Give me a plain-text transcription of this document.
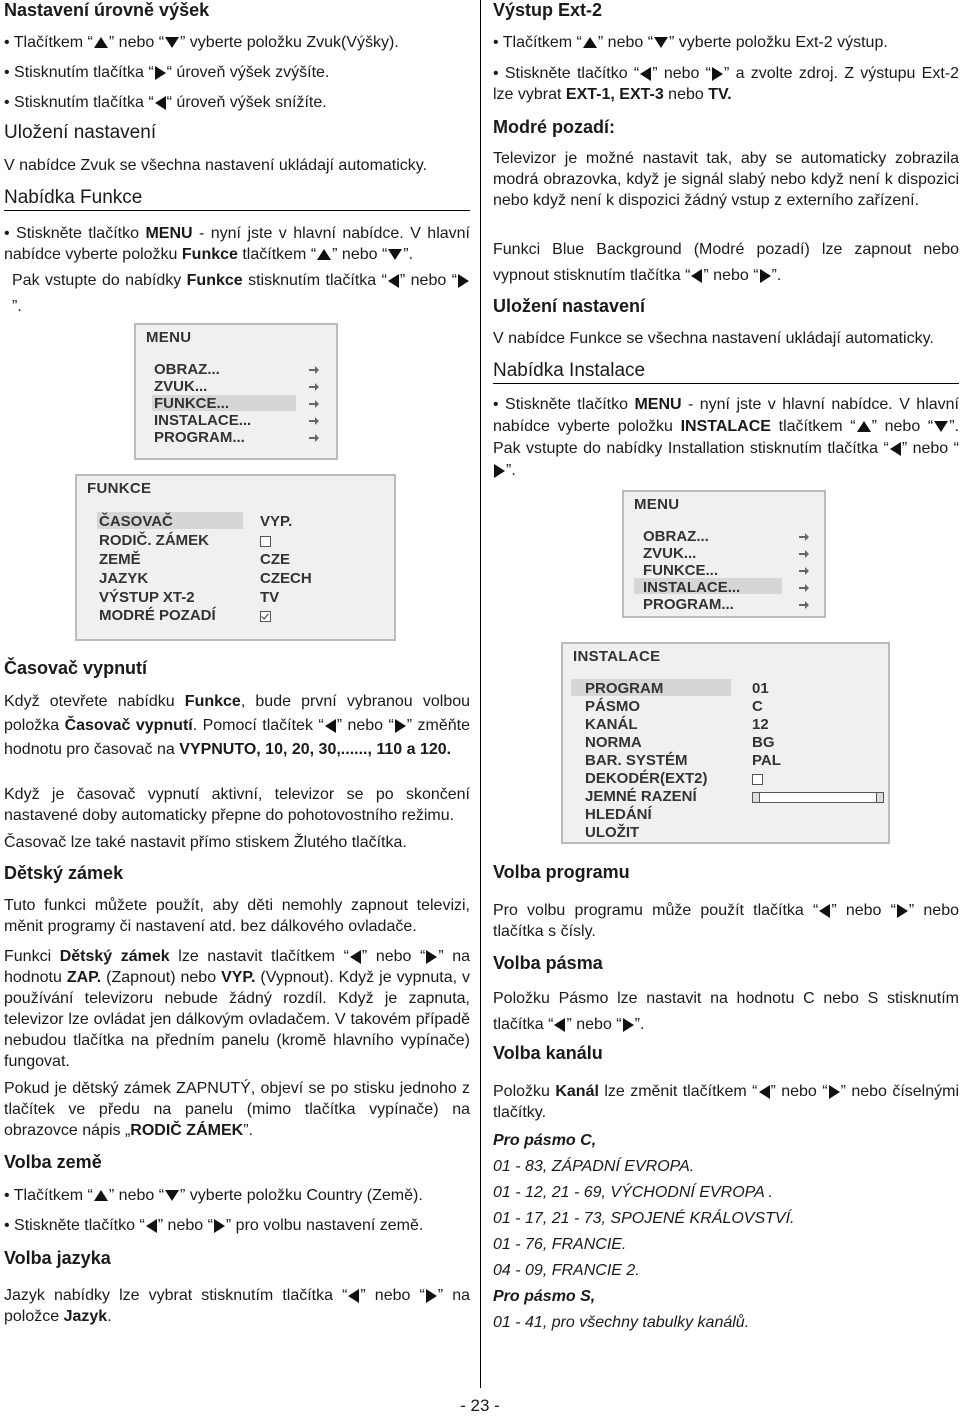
Nastavení úrovně výšek

• Tlačítkem “ ” nebo “ ” vyberte položku Zvuk(Výšky).

• Stisknutím tlačítka “ “ úroveň výšek zvýšíte.

• Stisknutím tlačítka “ “ úroveň výšek snížíte.

Uložení nastavení

V nabídce Zvuk se všechna nastavení ukládají automaticky.

Nabídka Funkce

• Stiskněte tlačítko MENU - nyní jste v hlavní nabídce. V hlavní nabídce vyberte položku Funkce tlačítkem “ ” nebo “ ”.

Pak vstupte do nabídky Funkce stisknutím tlačítka “ ” nebo “”.

Časovač vypnutí

Když otevřete nabídku Funkce, bude první vybranou volbou položka Časovač vypnutí. Pomocí tlačítek “ ” nebo “ ” změňte hodnotu pro časovač na VYPNUTO, 10, 20, 30,......, 110 a 120.

Když je časovač vypnutí aktivní, televizor se po skončení nastavené doby automaticky přepne do pohotovostního režimu.

Časovač lze také nastavit přímo stiskem Žlutého tlačítka.

Dětský zámek

Tuto funkci můžete použít, aby děti nemohly zapnout televizi, měnit programy či nastavení atd. bez dálkového ovladače.

Funkci Dětský zámek lze nastavit tlačítkem “ ” nebo “ ” na hodnotu ZAP. (Zapnout) nebo VYP. (Vypnout). Když je vypnuta, v používání televizoru nebude žádný rozdíl. Když je zapnuta, televizor lze ovládat jen dálkovým ovladačem. V takovém případě nebudou tlačítka na předním panelu (kromě hlavního vypínače) fungovat.

Pokud je dětský zámek ZAPNUTÝ, objeví se po stisku jednoho z tlačítek ve předu na panelu (mimo tlačítka vypínače) na obrazovce nápis „RODIČ ZÁMEK”.

Volba země

• Tlačítkem “ ” nebo “ ” vyberte položku Country (Země).

• Stiskněte tlačítko “ ” nebo “ ” pro volbu nastavení země.

Volba jazyka

Jazyk nabídky lze vybrat stisknutím tlačítka “ ” nebo “ ” na položce Jazyk.

MENU
OBRAZ...
ZVUK...
FUNKCE...
INSTALACE...
PROGRAM...
FUNKCE
ČASOVAČ
RODIČ. ZÁMEK
ZEMĚ
JAZYK
VÝSTUP XT-2
MODRÉ POZADÍ
VYP.
CZE
CZECH
TV

Výstup Ext-2

• Tlačítkem “ ” nebo “ ” vyberte položku Ext-2 výstup.

• Stiskněte tlačítko “ ” nebo “ ” a zvolte zdroj. Z výstupu Ext-2 lze vybrat EXT-1, EXT-3 nebo TV.

Modré pozadí:

Televizor je možné nastavit tak, aby se automaticky zobrazila modrá obrazovka, když je signál slabý nebo když není k dispozici nebo když není k dispozici žádný vstup z externího zařízení.

Funkci Blue Background (Modré pozadí) lze zapnout nebo vypnout stisknutím tlačítka “ ” nebo “ ”.

Uložení nastavení

V nabídce Funkce se všechna nastavení ukládají automaticky.

Nabídka Instalace

• Stiskněte tlačítko MENU - nyní jste v hlavní nabídce. V hlavní nabídce vyberte položku INSTALACE tlačítkem “ ” nebo “ ”. Pak vstupte do nabídky Installation stisknutím tlačítka “ ” nebo “”.

Volba programu

Pro volbu programu může použít tlačítka “ ” nebo “ ” nebo tlačítka s čísly.

Volba pásma

Položku Pásmo lze nastavit na hodnotu C nebo S stisknutím tlačítka “ ” nebo “ ”.

Volba kanálu

Položku Kanál lze změnit tlačítkem “ ” nebo “ ” nebo číselnými tlačítky.

Pro pásmo C,

01 - 83, ZÁPADNÍ EVROPA.

01 - 12, 21 - 69, VÝCHODNÍ EVROPA .

01 - 17, 21 - 73, SPOJENÉ KRÁLOVSTVÍ.

01 - 76, FRANCIE.

04 - 09, FRANCIE 2.

Pro pásmo S,

01 - 41, pro všechny tabulky kanálů.

MENU
OBRAZ...
ZVUK...
FUNKCE...
INSTALACE...
PROGRAM...
INSTALACE
PROGRAM
PÁSMO
KANÁL
NORMA
BAR. SYSTÉM
DEKODÉR(EXT2)
JEMNÉ RAZENÍ
HLEDÁNÍ
ULOŽIT
01
C
12
BG
PAL
- 23 -
